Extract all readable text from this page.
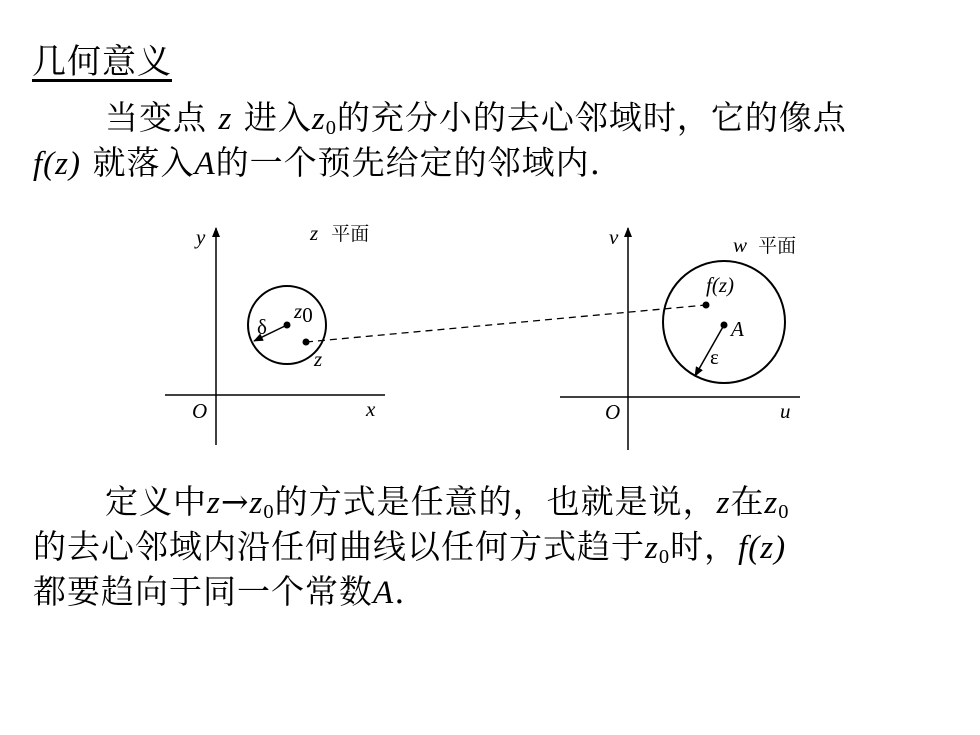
几何意义
当变点 z 进入$z_0$的充分小的去心邻域时，它的像点
f(z) 就落入A的一个预先给定的邻域内.
y
x
O
z 平面
δ
z0
z
v
u
O
w 平面
A
ε
f(z)
定义中$z\to z_0$的方式是任意的，也就是说，z在$z_0$
的去心邻域内沿任何曲线以任何方式趋于$z_0$时，f(z)
都要趋向于同一个常数A.
